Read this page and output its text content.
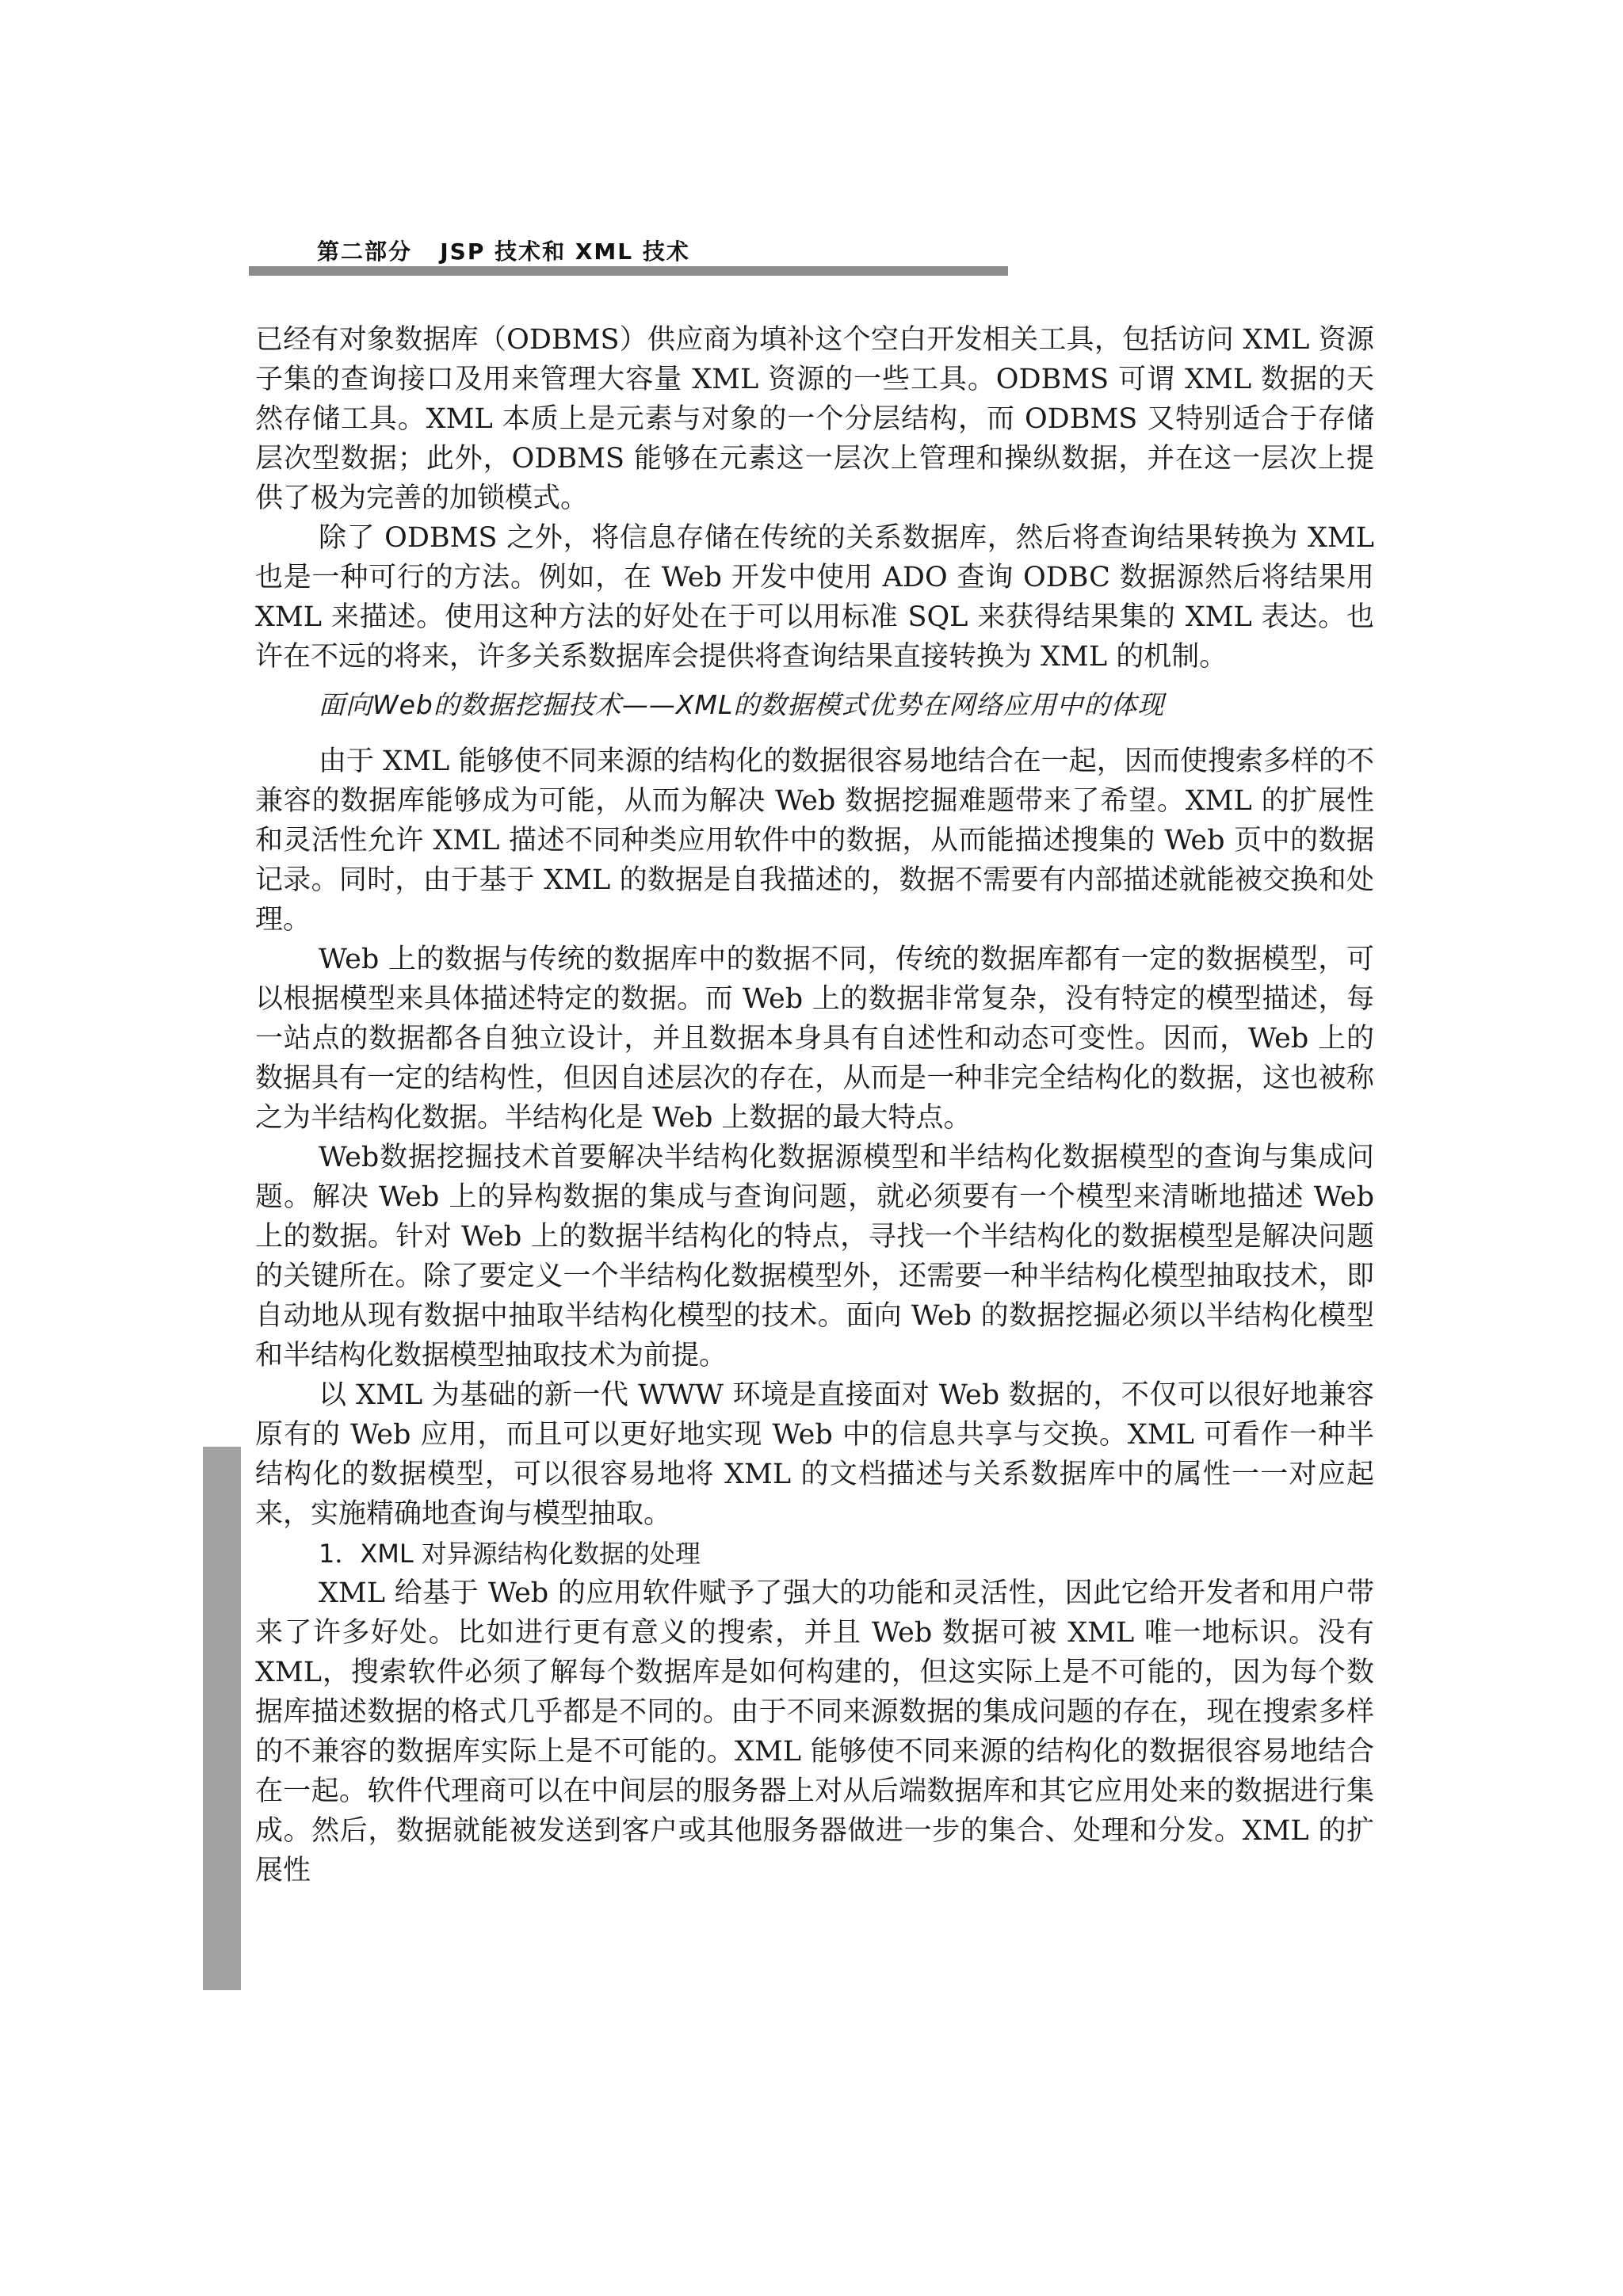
第二部分   JSP 技术和 XML 技术

已经有对象数据库（ODBMS）供应商为填补这个空白开发相关工具，包括访问 XML 资源子集的查询接口及用来管理大容量 XML 资源的一些工具。ODBMS 可谓 XML 数据的天然存储工具。XML 本质上是元素与对象的一个分层结构，而 ODBMS 又特别适合于存储层次型数据；此外，ODBMS 能够在元素这一层次上管理和操纵数据，并在这一层次上提供了极为完善的加锁模式。

除了 ODBMS 之外，将信息存储在传统的关系数据库，然后将查询结果转换为 XML 也是一种可行的方法。例如，在 Web 开发中使用 ADO 查询 ODBC 数据源然后将结果用 XML 来描述。使用这种方法的好处在于可以用标准 SQL 来获得结果集的 XML 表达。也许在不远的将来，许多关系数据库会提供将查询结果直接转换为 XML 的机制。

面向Web的数据挖掘技术——XML的数据模式优势在网络应用中的体现

由于 XML 能够使不同来源的结构化的数据很容易地结合在一起，因而使搜索多样的不兼容的数据库能够成为可能，从而为解决 Web 数据挖掘难题带来了希望。XML 的扩展性和灵活性允许 XML 描述不同种类应用软件中的数据，从而能描述搜集的 Web 页中的数据记录。同时，由于基于 XML 的数据是自我描述的，数据不需要有内部描述就能被交换和处理。

Web 上的数据与传统的数据库中的数据不同，传统的数据库都有一定的数据模型，可以根据模型来具体描述特定的数据。而 Web 上的数据非常复杂，没有特定的模型描述，每一站点的数据都各自独立设计，并且数据本身具有自述性和动态可变性。因而，Web 上的数据具有一定的结构性，但因自述层次的存在，从而是一种非完全结构化的数据，这也被称之为半结构化数据。半结构化是 Web 上数据的最大特点。

Web数据挖掘技术首要解决半结构化数据源模型和半结构化数据模型的查询与集成问题。解决 Web 上的异构数据的集成与查询问题，就必须要有一个模型来清晰地描述 Web 上的数据。针对 Web 上的数据半结构化的特点，寻找一个半结构化的数据模型是解决问题的关键所在。除了要定义一个半结构化数据模型外，还需要一种半结构化模型抽取技术，即自动地从现有数据中抽取半结构化模型的技术。面向 Web 的数据挖掘必须以半结构化模型和半结构化数据模型抽取技术为前提。

以 XML 为基础的新一代 WWW 环境是直接面对 Web 数据的，不仅可以很好地兼容原有的 Web 应用，而且可以更好地实现 Web 中的信息共享与交换。XML 可看作一种半结构化的数据模型，可以很容易地将 XML 的文档描述与关系数据库中的属性一一对应起来，实施精确地查询与模型抽取。

1．XML 对异源结构化数据的处理

XML 给基于 Web 的应用软件赋予了强大的功能和灵活性，因此它给开发者和用户带来了许多好处。比如进行更有意义的搜索，并且 Web 数据可被 XML 唯一地标识。没有 XML，搜索软件必须了解每个数据库是如何构建的，但这实际上是不可能的，因为每个数据库描述数据的格式几乎都是不同的。由于不同来源数据的集成问题的存在，现在搜索多样的不兼容的数据库实际上是不可能的。XML 能够使不同来源的结构化的数据很容易地结合在一起。软件代理商可以在中间层的服务器上对从后端数据库和其它应用处来的数据进行集成。然后，数据就能被发送到客户或其他服务器做进一步的集合、处理和分发。XML 的扩展性
